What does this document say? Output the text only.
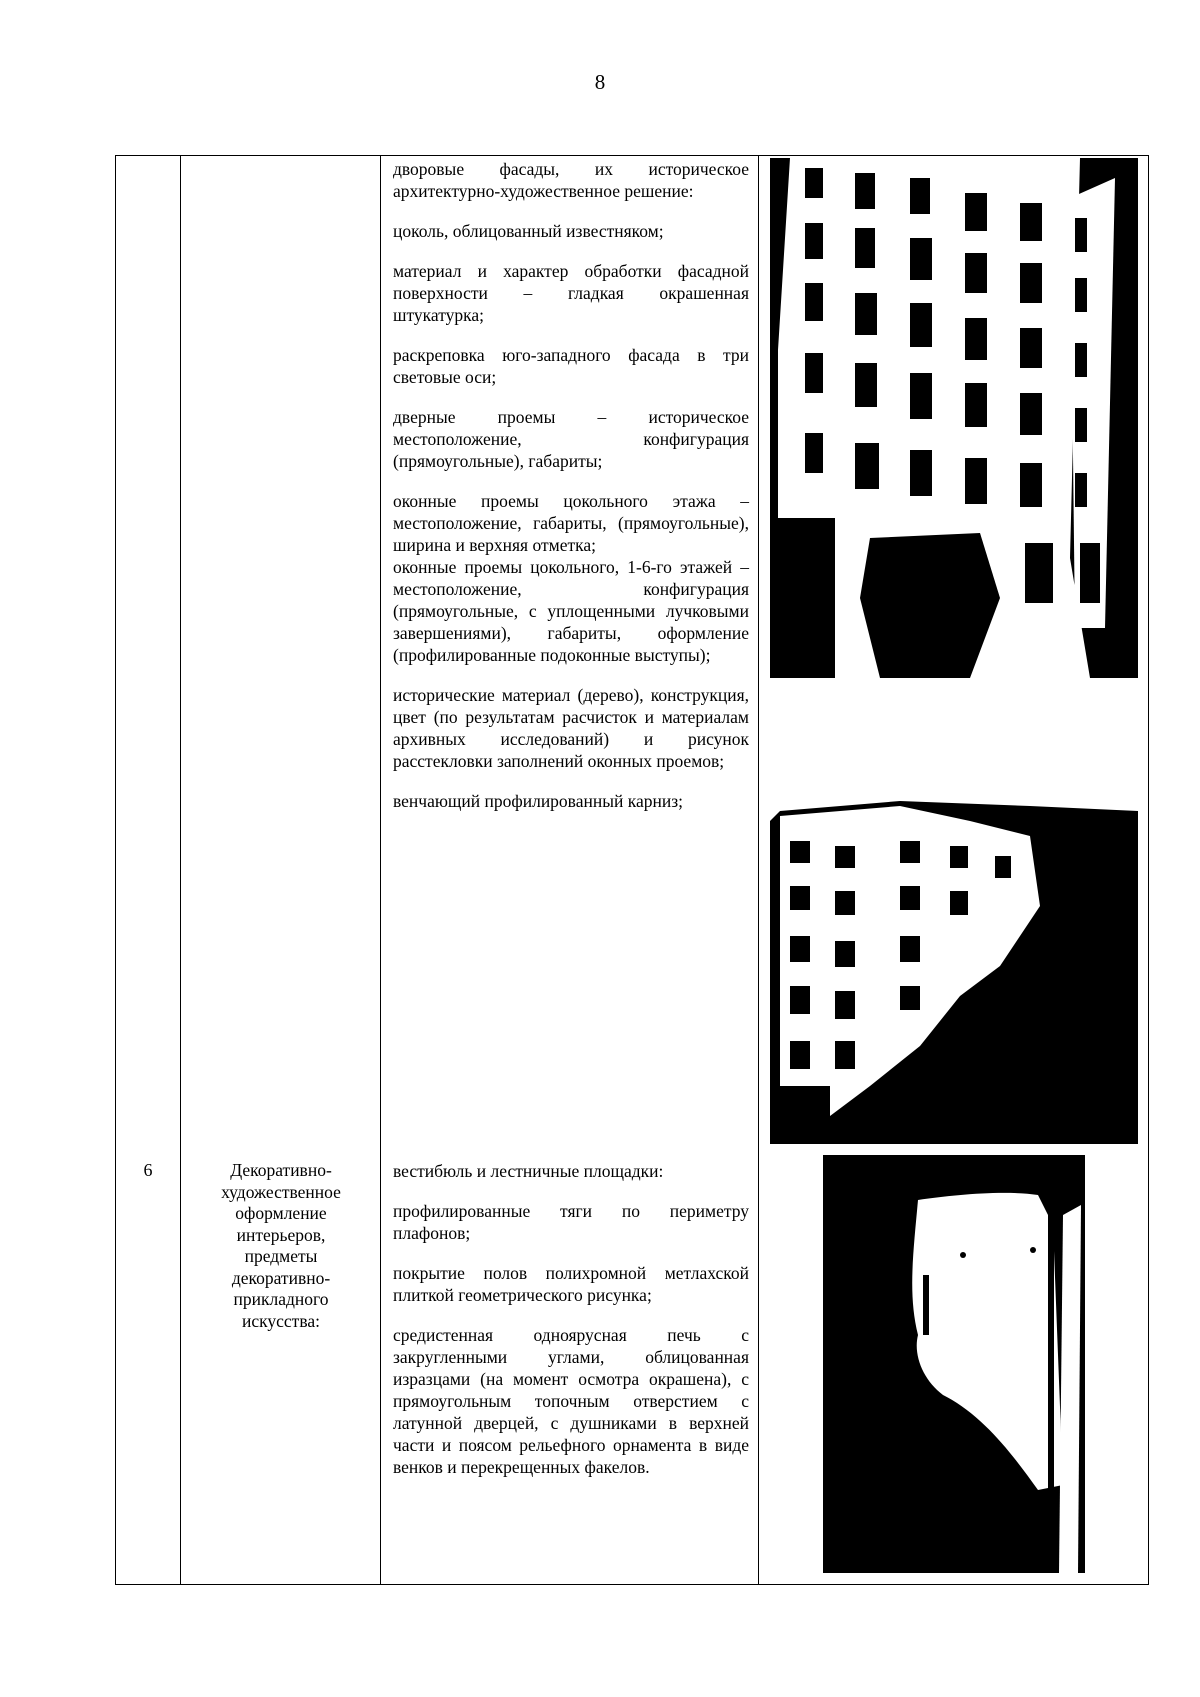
8
6	Декоративно-
художественное
оформление
интерьеров,
предметы
декоративно-
прикладного
искусства:

дворовые фасады, их историческое архитектурно-художественное решение:

цоколь, облицованный известняком;

материал и характер обработки фасадной поверхности – гладкая окрашенная штукатурка;

раскреповка юго-западного фасада в три световые оси;

дверные проемы – историческое местоположение, конфигурация (прямоугольные), габариты;

оконные проемы цокольного этажа – местоположение, габариты, (прямоугольные), ширина и верхняя отметка;

оконные проемы цокольного, 1-6-го этажей – местоположение, конфигурация (прямоугольные, с уплощенными лучковыми завершениями), габариты, оформление (профилированные подоконные выступы);

исторические материал (дерево), конструкция, цвет (по результатам расчисток и материалам архивных исследований) и рисунок расстекловки заполнений оконных проемов;

венчающий профилированный карниз;

вестибюль и лестничные площадки:

профилированные тяги по периметру плафонов;

покрытие полов полихромной метлахской плиткой геометрического рисунка;

средистенная одноярусная печь с закругленными углами, облицованная изразцами (на момент осмотра окрашена), с прямоугольным топочным отверстием с латунной дверцей, с душниками в верхней части и поясом рельефного орнамента в виде венков и перекрещенных факелов.
